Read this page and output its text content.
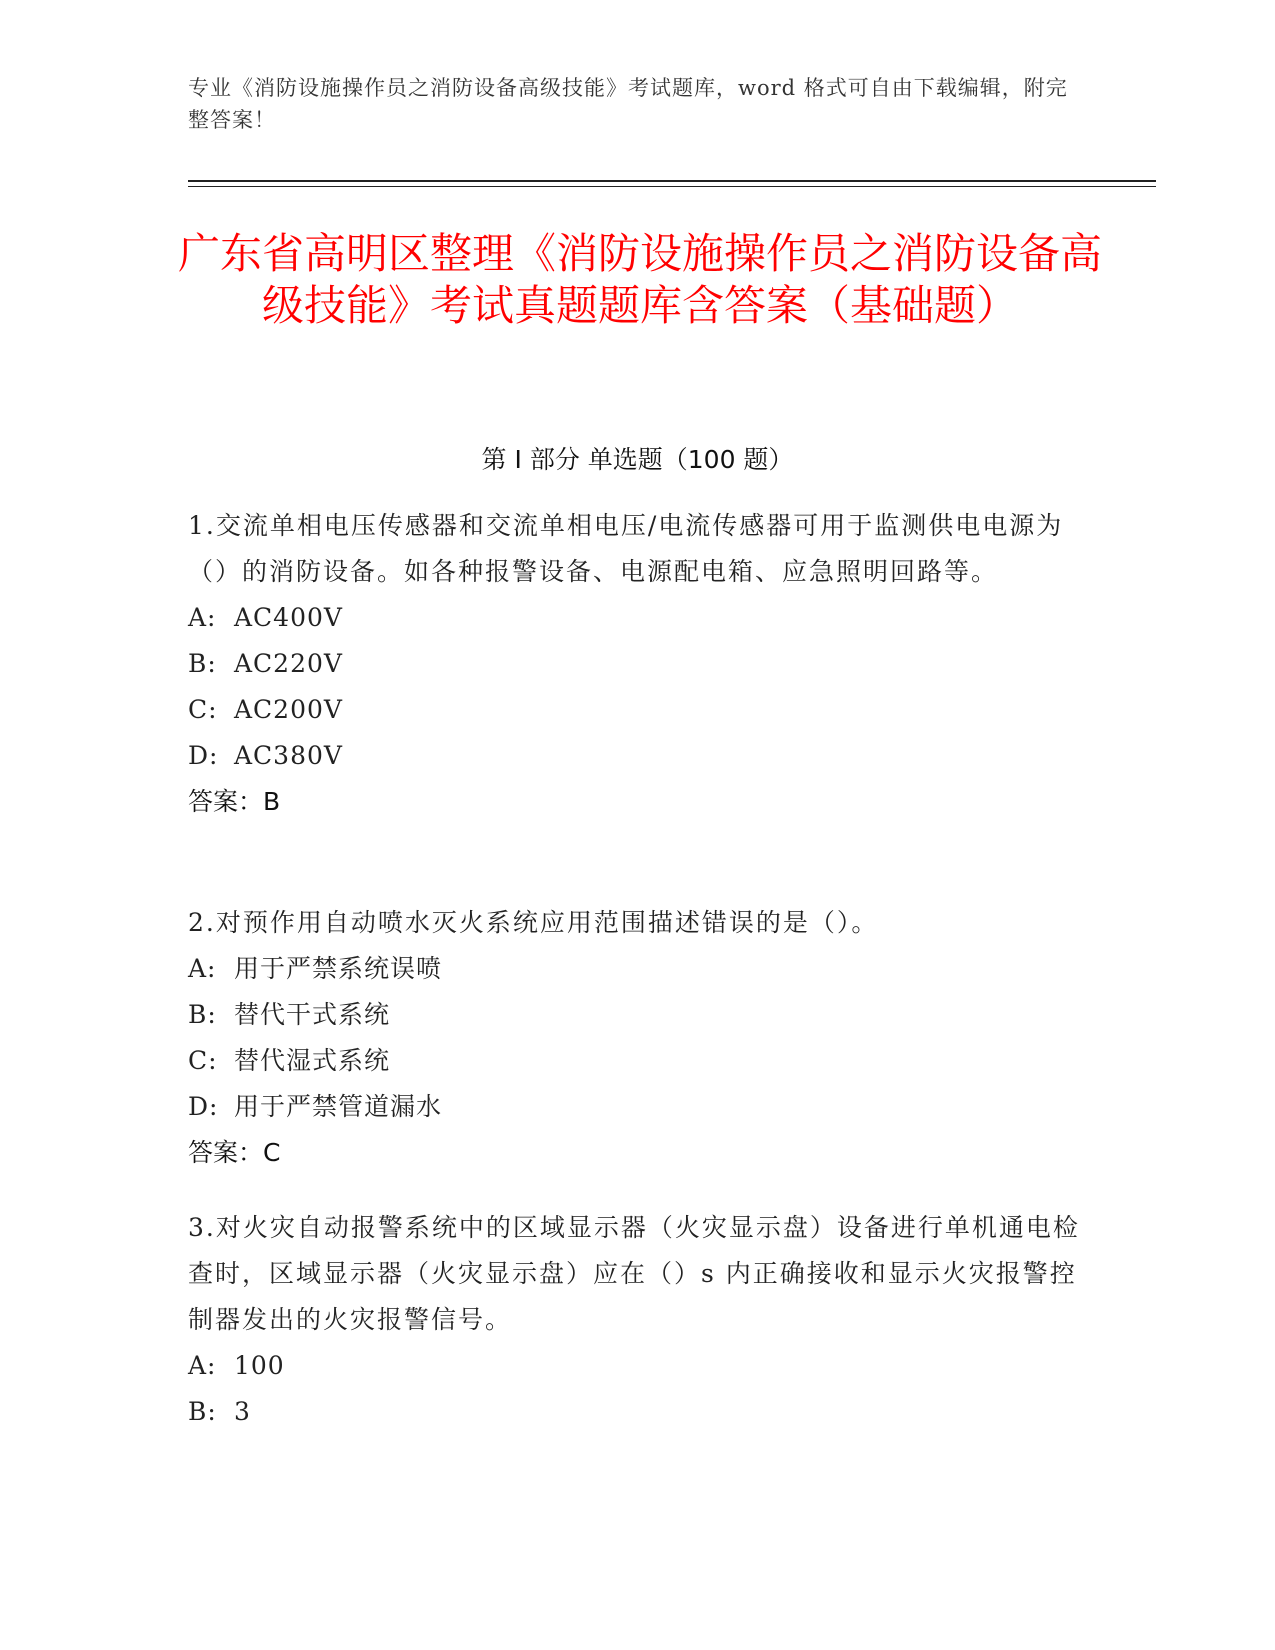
专业《消防设施操作员之消防设备高级技能》考试题库，word 格式可自由下载编辑，附完整答案！
广东省高明区整理《消防设施操作员之消防设备高级技能》考试真题题库含答案（基础题）
第 I 部分 单选题（100 题）

1.交流单相电压传感器和交流单相电压/电流传感器可用于监测供电电源为（）的消防设备。如各种报警设备、电源配电箱、应急照明回路等。

A: AC400V

B: AC220V

C: AC200V

D: AC380V

答案：B

2.对预作用自动喷水灭火系统应用范围描述错误的是（）。

A: 用于严禁系统误喷

B: 替代干式系统

C: 替代湿式系统

D: 用于严禁管道漏水

答案：C

3.对火灾自动报警系统中的区域显示器（火灾显示盘）设备进行单机通电检查时，区域显示器（火灾显示盘）应在（）s 内正确接收和显示火灾报警控制器发出的火灾报警信号。

A: 100

B: 3
